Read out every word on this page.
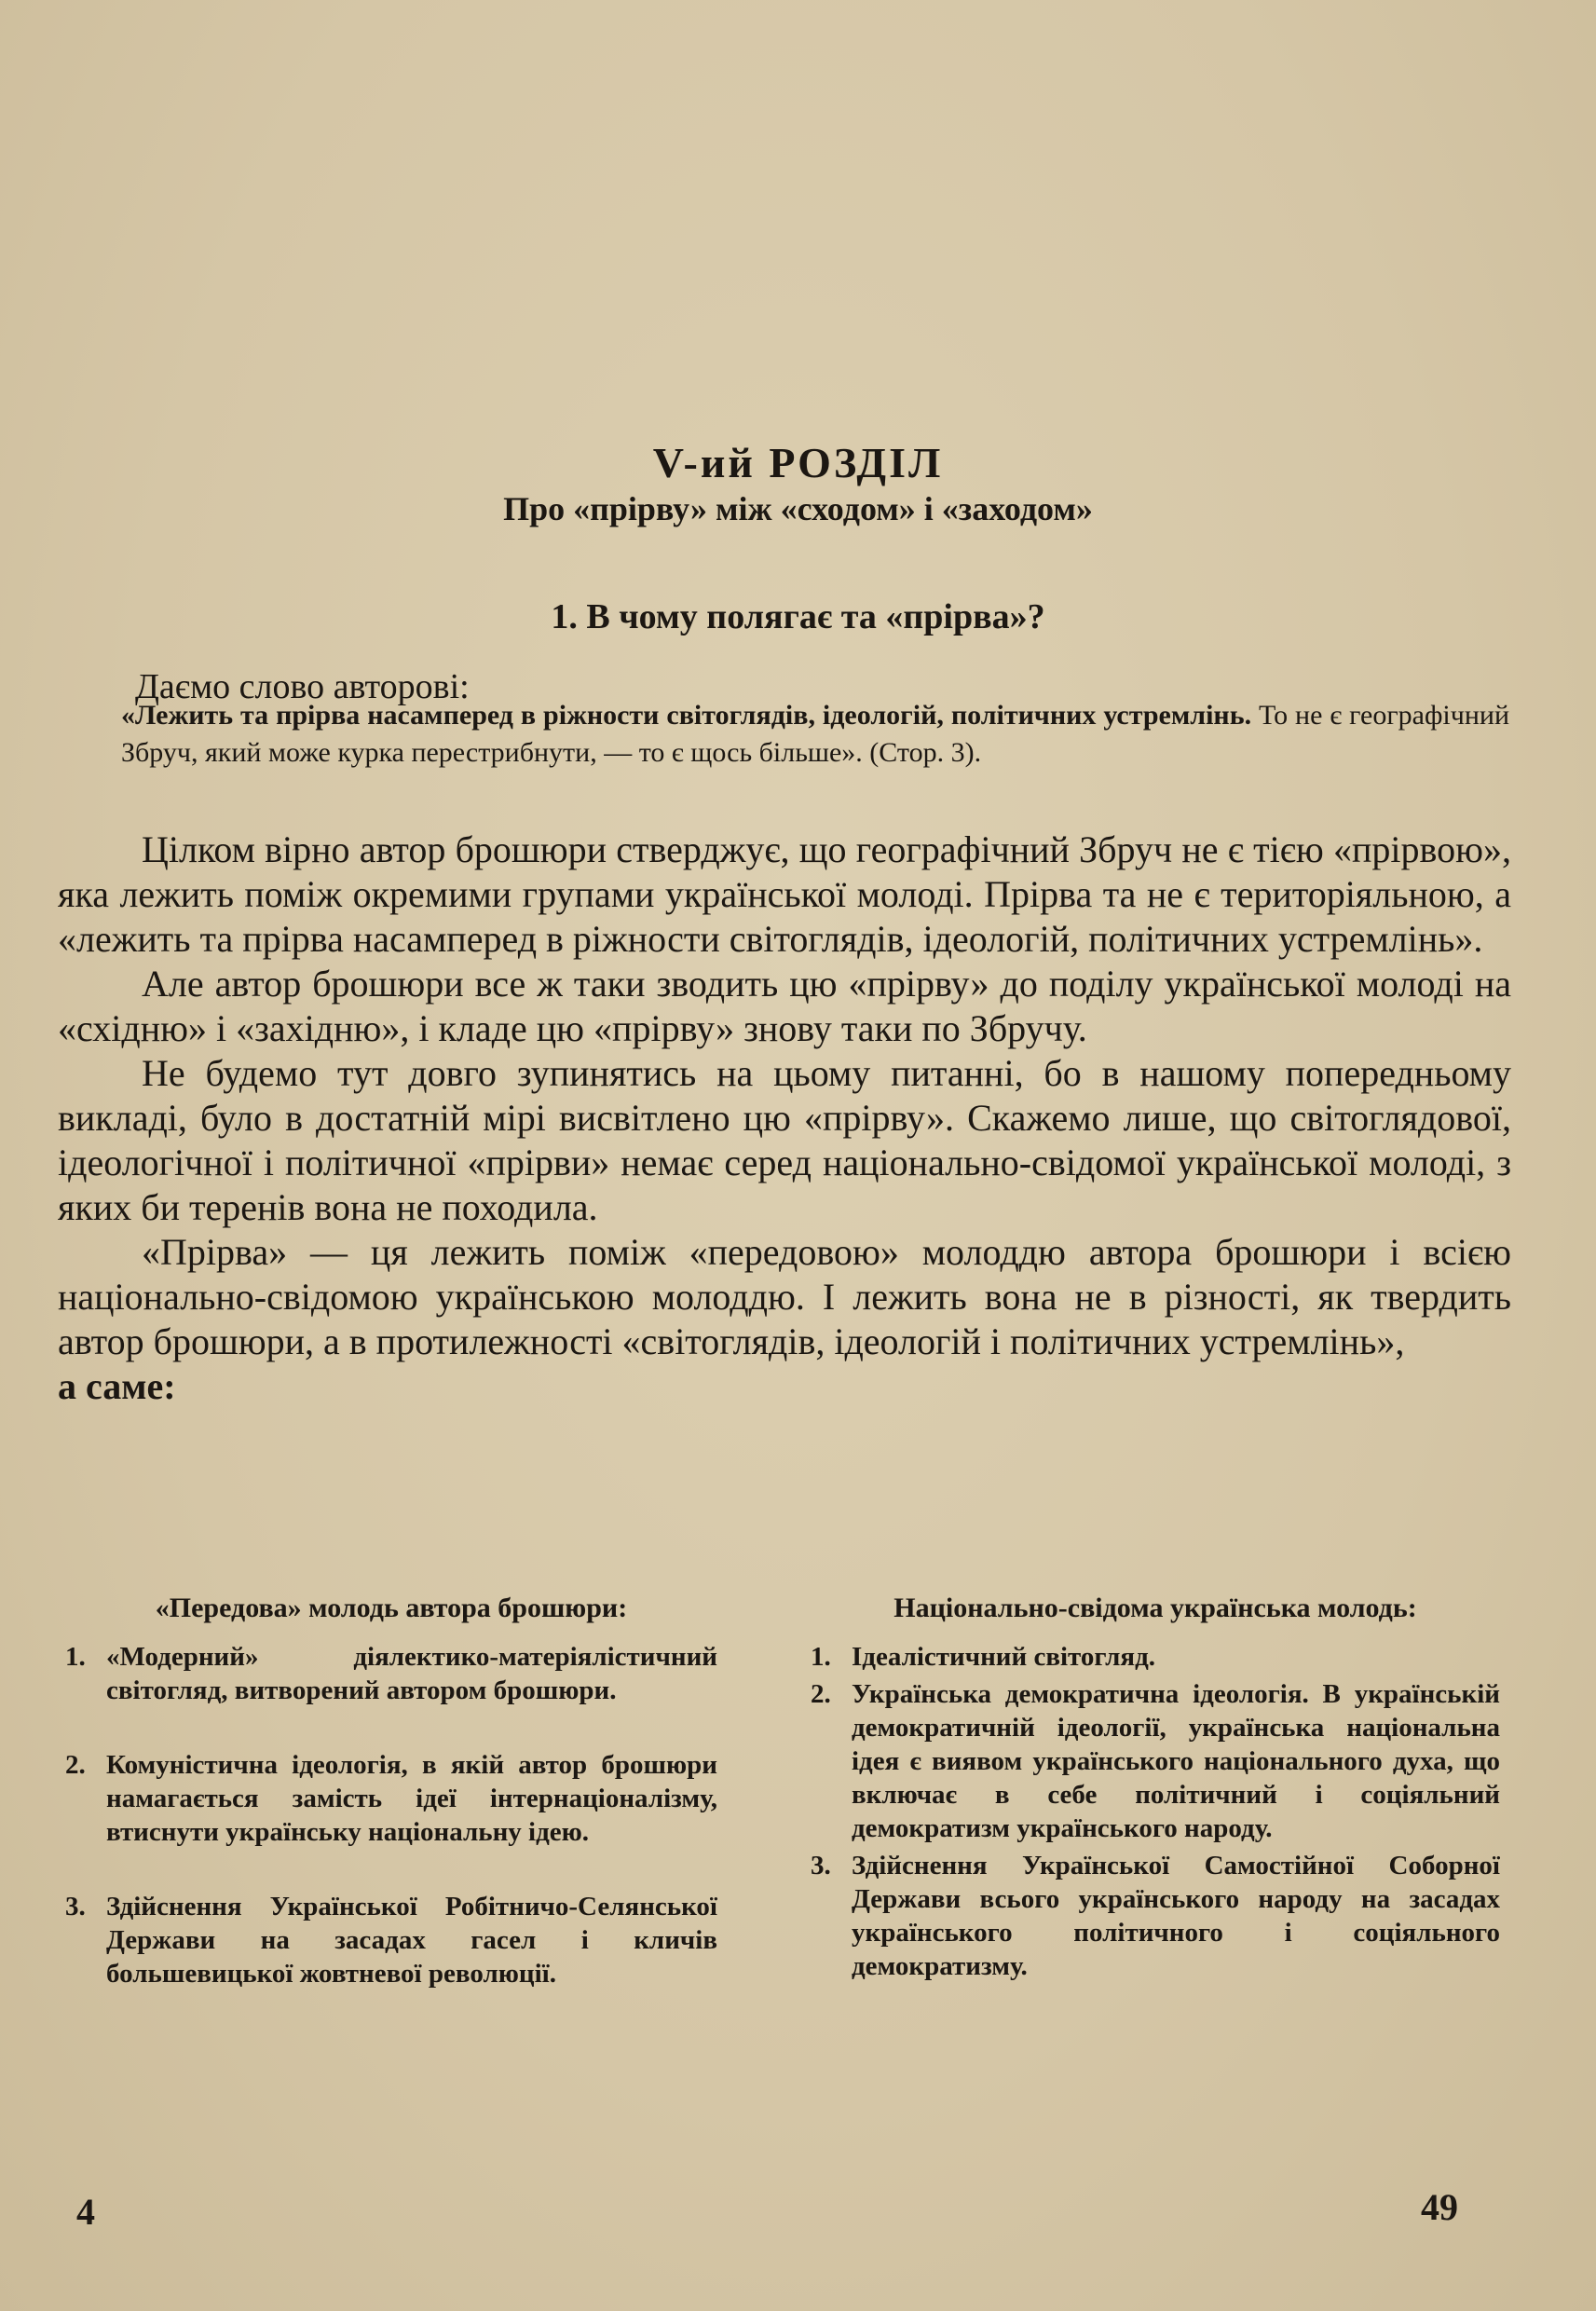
V-ий РОЗДІЛ
Про «прірву» між «сходом» і «заходом»
1. В чому полягає та «прірва»?
Даємо слово авторові:
«Лежить та прірва насамперед в ріжности світоглядів, ідеологій, політичних устремлінь. То не є географічний Збруч, який може курка перестрибнути, — то є щось більше». (Стор. 3).

Цілком вірно автор брошюри стверджує, що географічний Збруч не є тією «прірвою», яка лежить поміж окремими групами української молоді. Прірва та не є територіяльною, а «лежить та прірва насамперед в ріжности світоглядів, ідеологій, політичних устремлінь».

Але автор брошюри все ж таки зводить цю «прірву» до поділу української молоді на «східню» і «західню», і кладе цю «прірву» знову таки по Збручу.

Не будемо тут довго зупинятись на цьому питанні, бо в нашому попередньому викладі, було в достатній мірі висвітлено цю «прірву». Скажемо лише, що світоглядової, ідеологічної і політичної «прірви» немає серед національно-свідомої української молоді, з яких би теренів вона не походила.

«Прірва» — ця лежить поміж «передовою» молоддю автора брошюри і всією національно-свідомою українською молоддю. І лежить вона не в різності, як твердить автор брошюри, а в протилежності «світоглядів, ідеологій і політичних устремлінь»,

а саме:

«Передова» молодь автора брошюри:
1. «Модерний» діялектико-матеріялістичний світогляд, витворений автором брошюри.
2. Комуністична ідеологія, в якій автор брошюри намагається замість ідеї інтернаціоналізму, втиснути українську національну ідею.
3. Здійснення Української Робітничо-Селянської Держави на засадах гасел і кличів большевицької жовтневої революції.
Національно-свідома українська молодь:
1. Ідеалістичний світогляд.
2. Українська демократична ідеологія. В українській демократичній ідеології, українська національна ідея є виявом українського національного духа, що включає в себе політичний і соціяльний демократизм українського народу.
3. Здійснення Української Самостійної Соборної Держави всього українського народу на засадах українського політичного і соціяльного демократизму.
4	49
